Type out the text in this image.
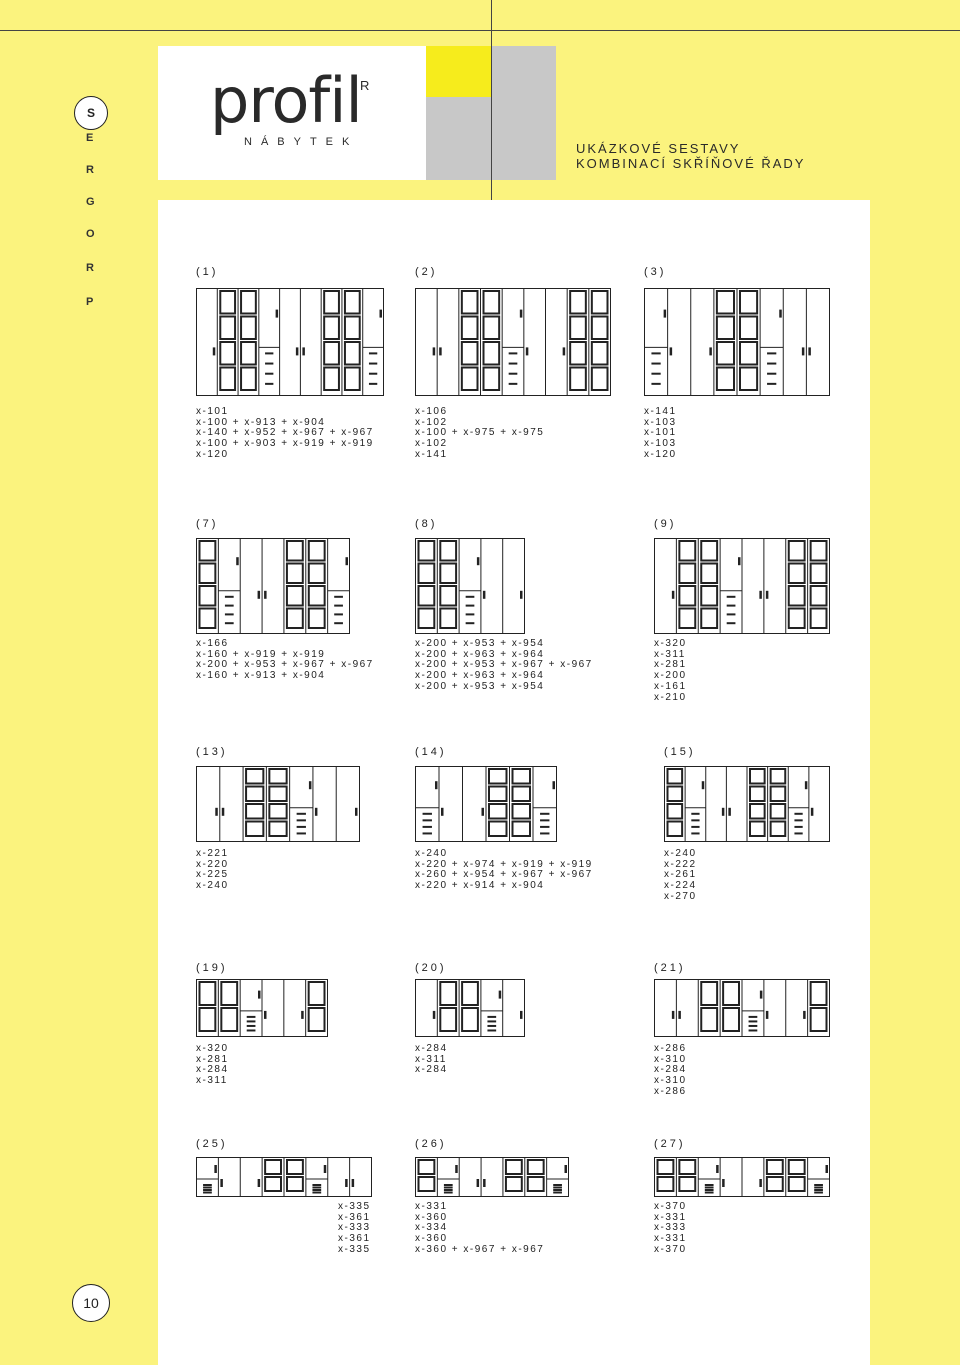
profil
R
NÁBYTEK	UKÁZKOVÉ SESTAVY
KOMBINACÍ SKŘÍŇOVÉ ŘADY
S
P
R
O
G
R
E
10
(1)
x-101
x-100 + x-913 + x-904
x-140 + x-952 + x-967 + x-967
x-100 + x-903 + x-919 + x-919
x-120
(2)
x-106
x-102
x-100 + x-975 + x-975
x-102
x-141
(3)
x-141
x-103
x-101
x-103
x-120
(7)
x-166
x-160 + x-919 + x-919
x-200 + x-953 + x-967 + x-967
x-160 + x-913 + x-904
(8)
x-200 + x-953 + x-954
x-200 + x-963 + x-964
x-200 + x-953 + x-967 + x-967
x-200 + x-963 + x-964
x-200 + x-953 + x-954
(9)
x-320
x-311
x-281
x-200
x-161
x-210
(13)
x-221
x-220
x-225
x-240
(14)
x-240
x-220 + x-974 + x-919 + x-919
x-260 + x-954 + x-967 + x-967
x-220 + x-914 + x-904
(15)
x-240
x-222
x-261
x-224
x-270
(19)
x-320
x-281
x-284
x-311
(20)
x-284
x-311
x-284
(21)
x-286
x-310
x-284
x-310
x-286
(25)
x-335
x-361
x-333
x-361
x-335
(26)
x-331
x-360
x-334
x-360
x-360 + x-967 + x-967
(27)
x-370
x-331
x-333
x-331
x-370
